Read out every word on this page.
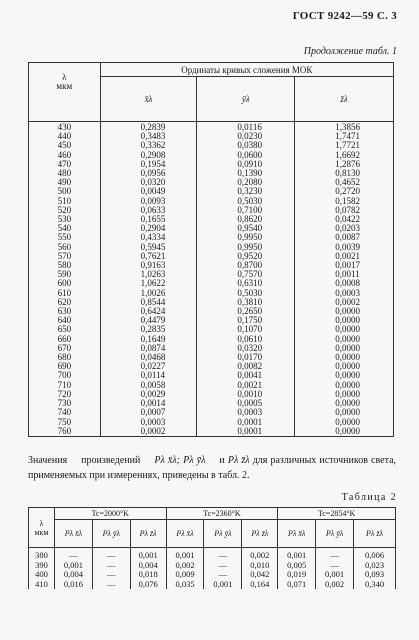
ГОСТ 9242—59 С. 3
Продолжение табл. 1
λ
мкм	Ординаты кривых сложения МОК		
	x̄λ	ȳλ	z̄λ
430	0,2839	0,0116	1,3856
440	0,3483	0,0230	1,7471
450	0,3362	0,0380	1,7721
460	0,2908	0,0600	1,6692
470	0,1954	0,0910	1,2876
480	0,0956	0,1390	0,8130
490	0,0320	0,2080	0,4652
500	0,0049	0,3230	0,2720
510	0,0093	0,5030	0,1582
520	0,0633	0,7100	0,0782
530	0,1655	0,8620	0,0422
540	0,2904	0,9540	0,0203
550	0,4334	0,9950	0,0087
560	0,5945	0,9950	0,0039
570	0,7621	0,9520	0,0021
580	0,9163	0,8700	0,0017
590	1,0263	0,7570	0,0011
600	1,0622	0,6310	0,0008
610	1,0026	0,5030	0,0003
620	0,8544	0,3810	0,0002
630	0,6424	0,2650	0,0000
640	0,4479	0,1750	0,0000
650	0,2835	0,1070	0,0000
660	0,1649	0,0610	0,0000
670	0,0874	0,0320	0,0000
680	0,0468	0,0170	0,0000
690	0,0227	0,0082	0,0000
700	0,0114	0,0041	0,0000
710	0,0058	0,0021	0,0000
720	0,0029	0,0010	0,0000
730	0,0014	0,0005	0,0000
740	0,0007	0,0003	0,0000
750	0,0003	0,0001	0,0000
760	0,0002	0,0001	0,0000
Значения произведений Pλ x̄λ; Pλ ȳλ и Pλ z̄λ для различных источников света, применяемых при измерениях, приведены в табл. 2.
Таблица 2
λ
мкм	Tc=2000°K			Tc=2360°K			Tc=2854°K		
	Pλ x̄λ	Pλ ȳλ	Pλ z̄λ	Pλ x̄λ	Pλ ȳλ	Pλ z̄λ	Pλ x̄λ	Pλ ȳλ	Pλ z̄λ
380	—	—	0,001	0,001	—	0,002	0,001	—	0,006
390	0,001	—	0,004	0,002	—	0,010	0,005	—	0,023
400	0,004	—	0,018	0,009	—	0,042	0,019	0,001	0,093
410	0,016	—	0,076	0,035	0,001	0,164	0,071	0,002	0,340
